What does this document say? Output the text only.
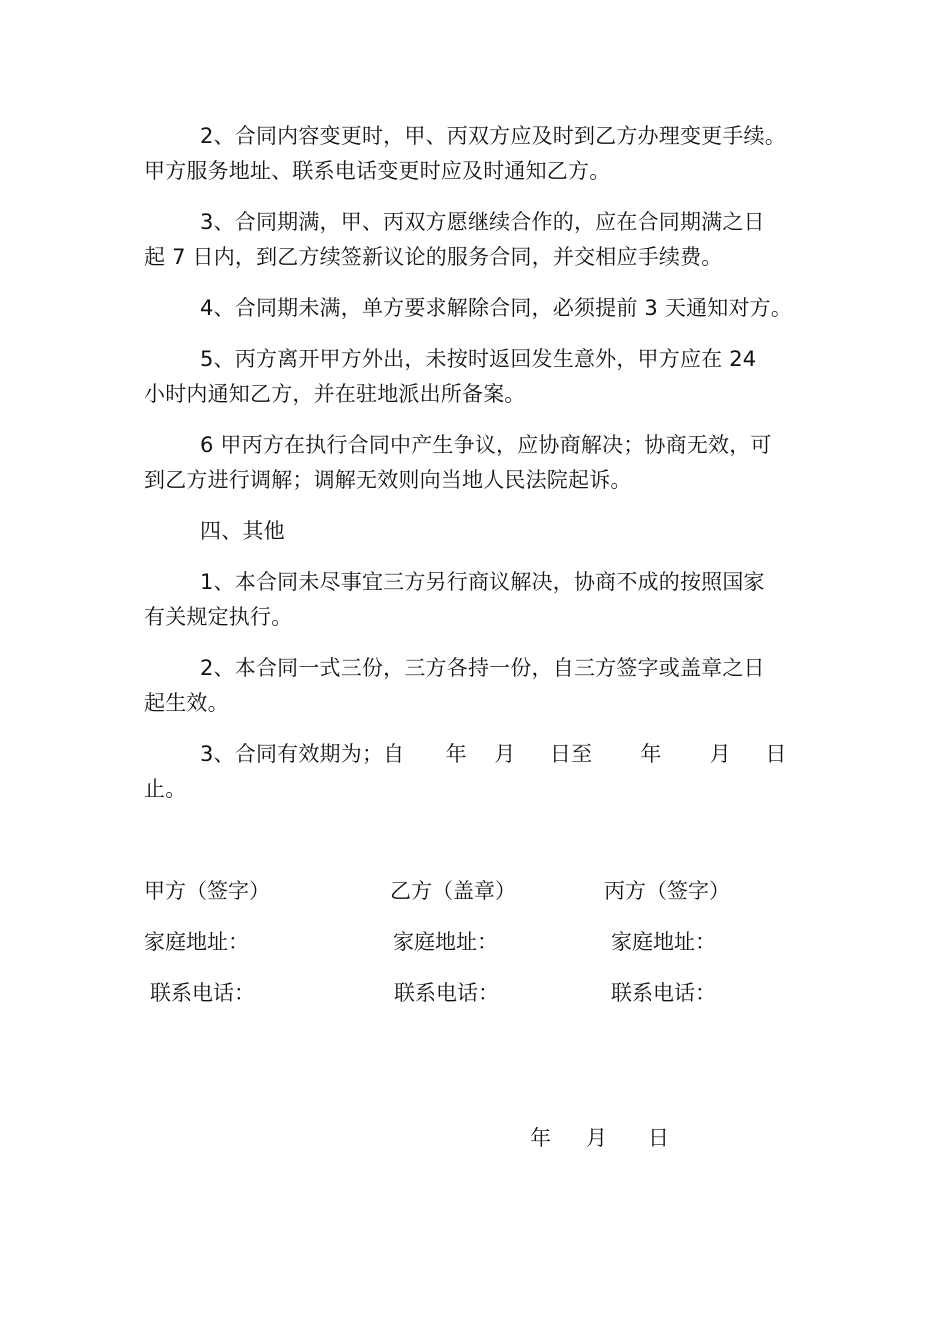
2、合同内容变更时，甲、丙双方应及时到乙方办理变更手续。
甲方服务地址、联系电话变更时应及时通知乙方。
3、合同期满，甲、丙双方愿继续合作的，应在合同期满之日
起 7 日内，到乙方续签新议论的服务合同，并交相应手续费。
4、合同期未满，单方要求解除合同，必须提前 3 天通知对方。
5、丙方离开甲方外出，未按时返回发生意外，甲方应在 24
小时内通知乙方，并在驻地派出所备案。
6 甲丙方在执行合同中产生争议，应协商解决；协商无效，可
到乙方进行调解；调解无效则向当地人民法院起诉。
四、其他
1、本合同未尽事宜三方另行商议解决，协商不成的按照国家
有关规定执行。
2、本合同一式三份，三方各持一份，自三方签字或盖章之日
起生效。
3、合同有效期为；自      年    月     日至       年       月     日
止。
甲方（签字）	乙方（盖章）	丙方（签字）
家庭地址：	家庭地址：	家庭地址：
联系电话：	联系电话：	联系电话：
年 月 日
